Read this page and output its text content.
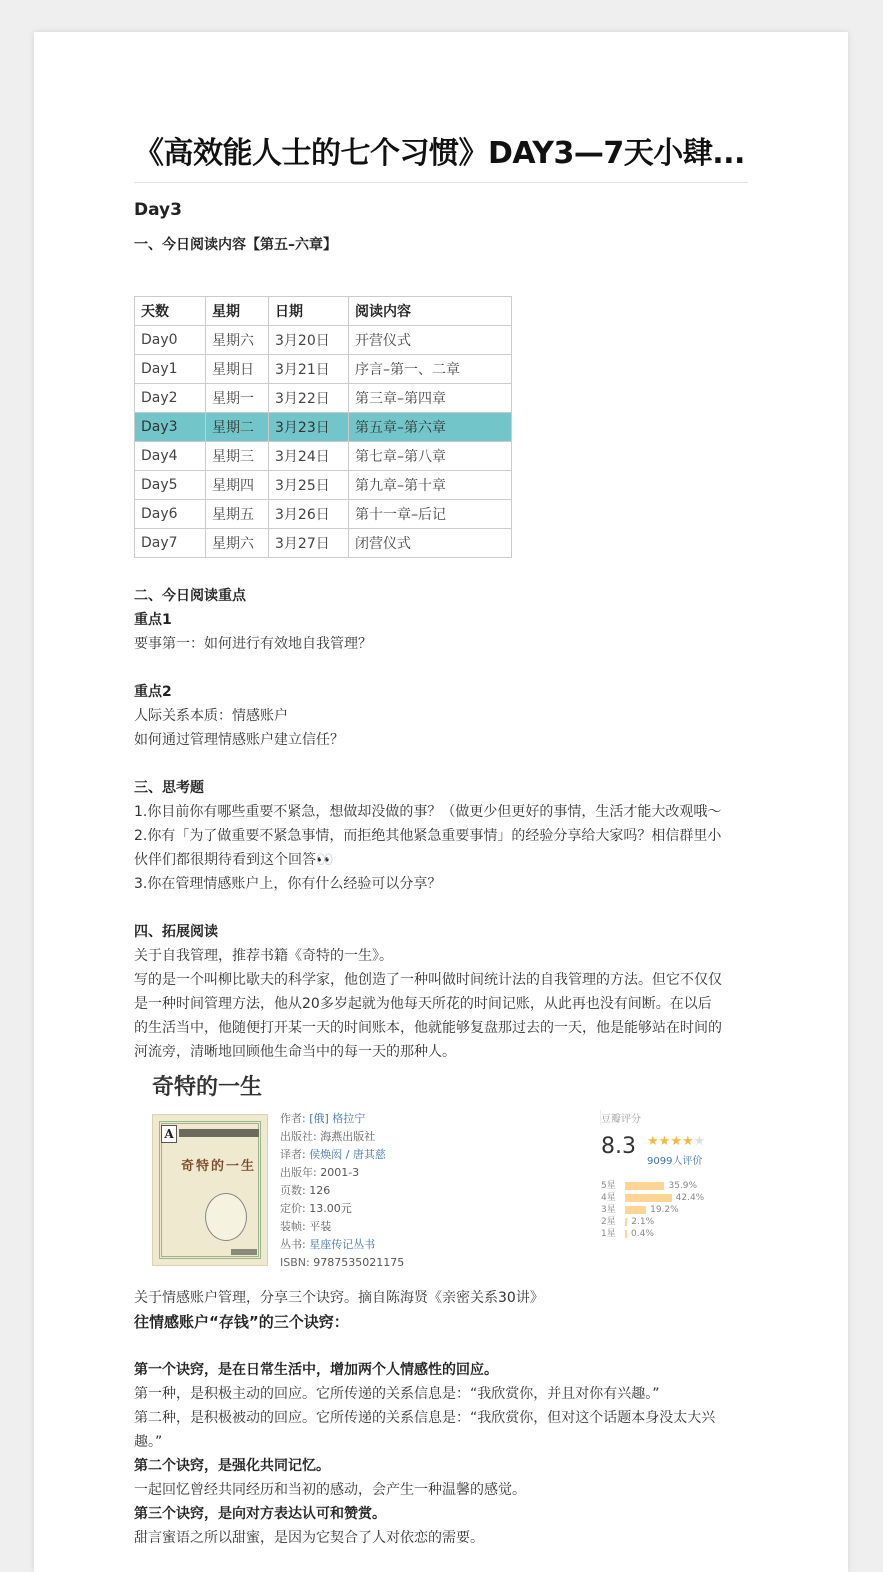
《高效能人士的七个习惯》DAY3—7天小肆...
Day3
一、今日阅读内容【第五–六章】
天数	星期	日期	阅读内容
Day0	星期六	3月20日	开营仪式
Day1	星期日	3月21日	序言–第一、二章
Day2	星期一	3月22日	第三章–第四章
Day3	星期二	3月23日	第五章–第六章
Day4	星期三	3月24日	第七章–第八章
Day5	星期四	3月25日	第九章–第十章
Day6	星期五	3月26日	第十一章–后记
Day7	星期六	3月27日	闭营仪式

二、今日阅读重点

重点1

要事第一：如何进行有效地自我管理？

重点2

人际关系本质：情感账户

如何通过管理情感账户建立信任？

三、思考题

1.你目前你有哪些重要不紧急，想做却没做的事？（做更少但更好的事情，生活才能大改观哦～

2.你有「为了做重要不紧急事情，而拒绝其他紧急重要事情」的经验分享给大家吗？相信群里小

伙伴们都很期待看到这个回答👀

3.你在管理情感账户上，你有什么经验可以分享？

四、拓展阅读

关于自我管理，推荐书籍《奇特的一生》。

写的是一个叫柳比歇夫的科学家，他创造了一种叫做时间统计法的自我管理的方法。但它不仅仅

是一种时间管理方法，他从20多岁起就为他每天所花的时间记账，从此再也没有间断。在以后

的生活当中，他随便打开某一天的时间账本，他就能够复盘那过去的一天，他是能够站在时间的

河流旁，清晰地回顾他生命当中的每一天的那种人。

奇特的一生
A
奇特的一生
作者: [俄] 格拉宁
出版社: 海燕出版社
译者: 侯焕闳 / 唐其慈
出版年: 2001-3
页数: 126
定价: 13.00元
装帧: 平装
丛书: 星座传记丛书
ISBN: 9787535021175
豆瓣评分
8.3 ★★★★★
9099人评价
5星	35.9%
4星	42.4%
3星	19.2%
2星	2.1%
1星	0.4%

关于情感账户管理，分享三个诀窍。摘自陈海贤《亲密关系30讲》

往情感账户“存钱”的三个诀窍：

第一个诀窍，是在日常生活中，增加两个人情感性的回应。

第一种，是积极主动的回应。它所传递的关系信息是：“我欣赏你，并且对你有兴趣。”

第二种，是积极被动的回应。它所传递的关系信息是：“我欣赏你，但对这个话题本身没太大兴

趣。”

第二个诀窍，是强化共同记忆。

一起回忆曾经共同经历和当初的感动，会产生一种温馨的感觉。

第三个诀窍，是向对方表达认可和赞赏。

甜言蜜语之所以甜蜜，是因为它契合了人对依恋的需要。
